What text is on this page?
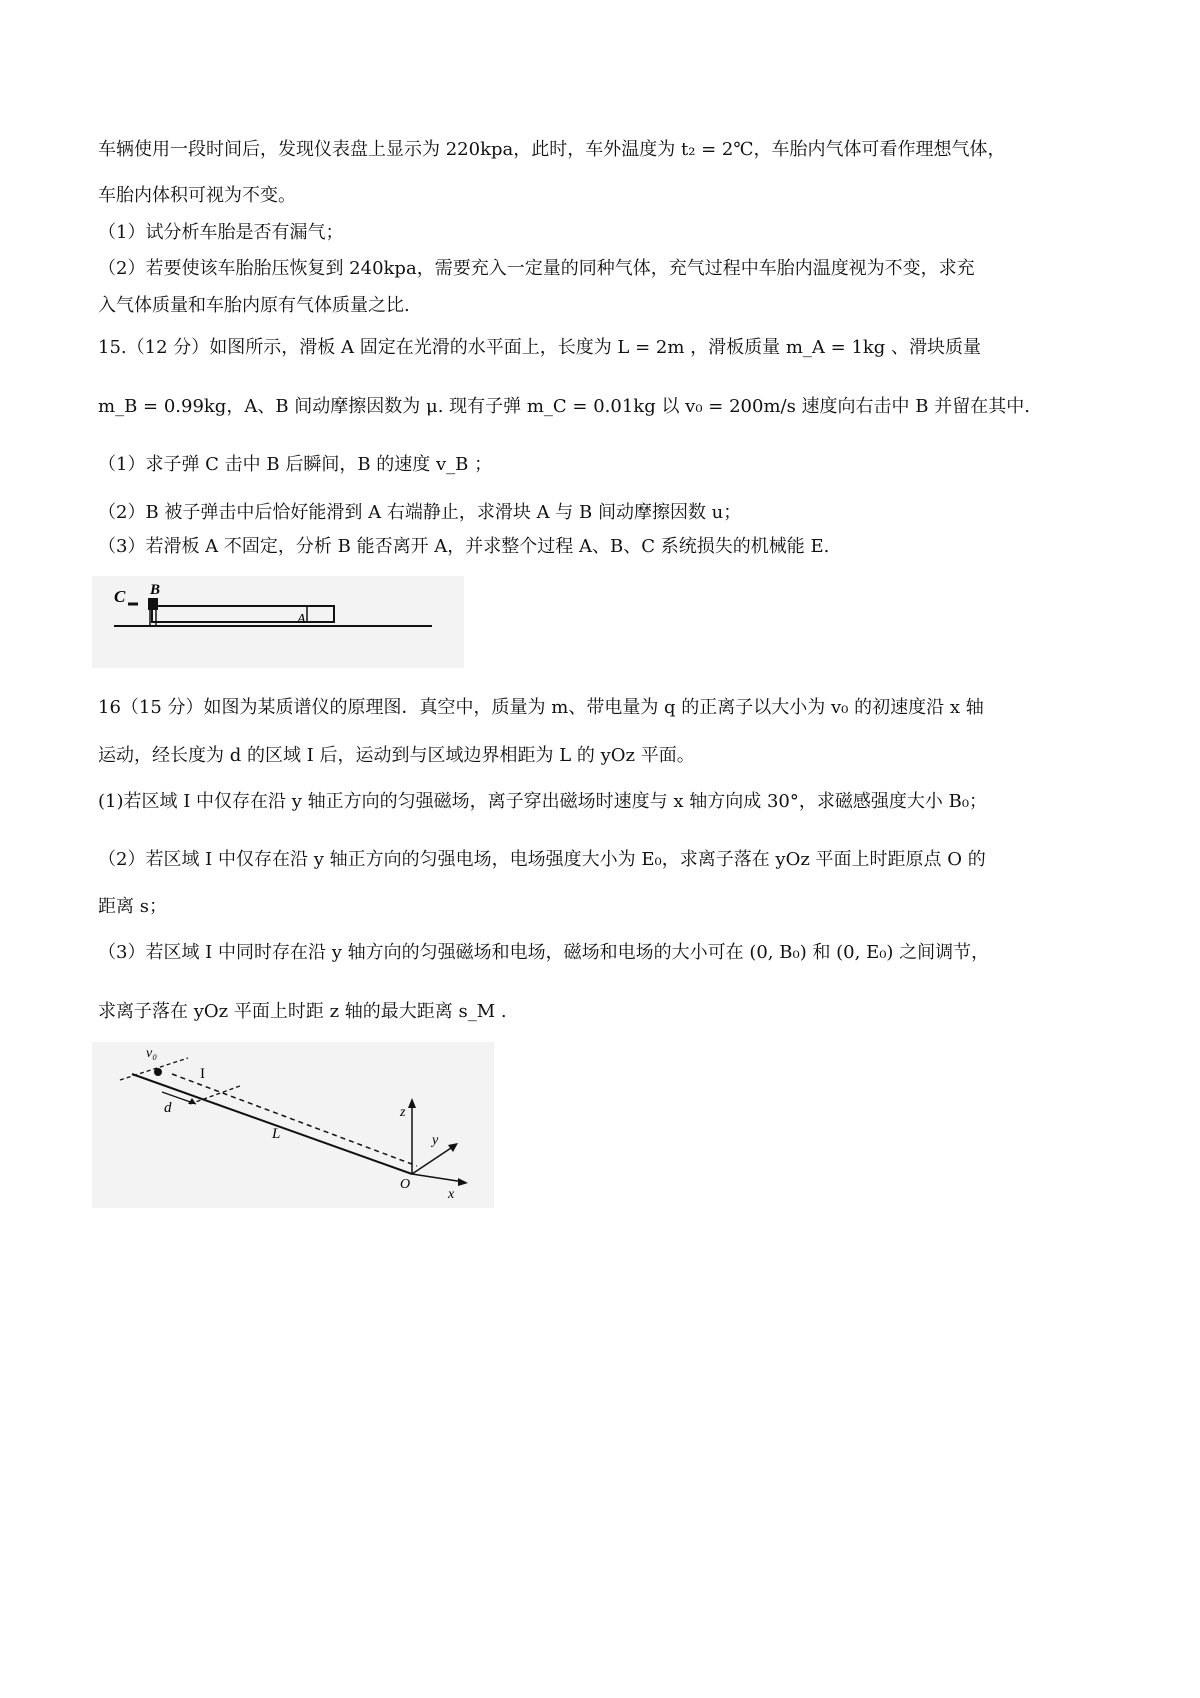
车辆使用一段时间后，发现仪表盘上显示为 220kpa，此时，车外温度为 t₂ = 2℃，车胎内气体可看作理想气体，
车胎内体积可视为不变。
（1）试分析车胎是否有漏气；
（2）若要使该车胎胎压恢复到 240kpa，需要充入一定量的同种气体，充气过程中车胎内温度视为不变，求充
入气体质量和车胎内原有气体质量之比.
15.（12 分）如图所示，滑板 A 固定在光滑的水平面上，长度为 L = 2m ，滑板质量 m_A = 1kg 、滑块质量
m_B = 0.99kg，A、B 间动摩擦因数为 μ. 现有子弹 m_C = 0.01kg 以 v₀ = 200m/s 速度向右击中 B 并留在其中.
（1）求子弹 C 击中 B 后瞬间，B 的速度 v_B ；
（2）B 被子弹击中后恰好能滑到 A 右端静止，求滑块 A 与 B 间动摩擦因数 u；
（3）若滑板 A 不固定，分析 B 能否离开 A，并求整个过程 A、B、C 系统损失的机械能 E.
C B
A
16（15 分）如图为某质谱仪的原理图．真空中，质量为 m、带电量为 q 的正离子以大小为 v₀ 的初速度沿 x 轴
运动，经长度为 d 的区域 I 后，运动到与区域边界相距为 L 的 yOz 平面。
(1)若区域 I 中仅存在沿 y 轴正方向的匀强磁场，离子穿出磁场时速度与 x 轴方向成 30°，求磁感强度大小 B₀；
（2）若区域 I 中仅存在沿 y 轴正方向的匀强电场，电场强度大小为 E₀，求离子落在 yOz 平面上时距原点 O 的
距离 s；
（3）若区域 I 中同时存在沿 y 轴方向的匀强磁场和电场，磁场和电场的大小可在 (0, B₀) 和 (0, E₀) 之间调节，
求离子落在 yOz 平面上时距 z 轴的最大距离 s_M .
v₀
I
d
L
z
y
O
x
